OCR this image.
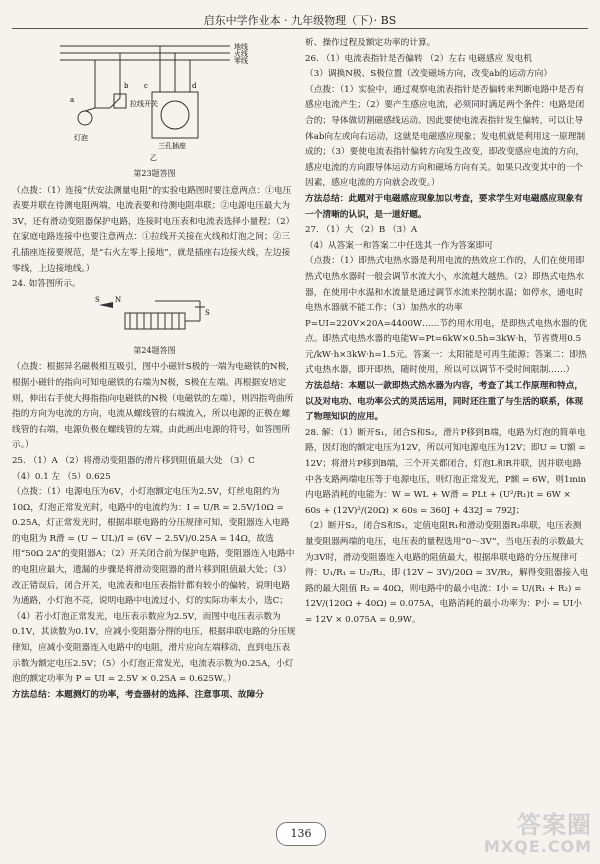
启东中学作业本 · 九年级物理（下）· BS
地线
火线
零线
a
b c	d
灯泡
拉线开关
三孔插座
乙
第23题答图

（点拨：（1）连接“伏安法测量电阻”的实验电路图时要注意两点：①电压表要并联在待测电阻两端，电流表要和待测电阻串联；②电源电压最大为3V，还有滑动变阻器保护电路，连接时电压表和电流表选择小量程；（2）在家庭电路连接中也要注意两点：①拉线开关接在火线和灯泡之间；②三孔插座连接要规范，是“右火左零上接地”，就是插座右边接火线，左边接零线，上边接地线。）

24. 如答图所示。

S N
S
第24题答图

（点拨：根据异名磁极相互吸引，图中小磁针S极的一端为电磁铁的N极，根据小磁针的指向可知电磁铁的右端为N极，S极在左端。再根据安培定则，伸出右手使大拇指指向电磁铁的N极（电磁铁的左端），则四指弯曲所指的方向为电流的方向，电流从螺线管的右端流入，所以电源的正极在螺线管的右端，电源负极在螺线管的左端，由此画出电源的符号，如答图所示。）

25. （1）A （2）将滑动变阻器的滑片移到阻值最大处 （3）C

（4）0.1 左 （5）0.625

（点拨：（1）电源电压为6V，小灯泡额定电压为2.5V，灯丝电阻约为10Ω，灯泡正常发光时，电路中的电流约为：I = U/R = 2.5V/10Ω = 0.25A，灯正常发光时，根据串联电路的分压规律可知，变阻器连入电路的电阻为 R滑 = (U − UL)/I = (6V − 2.5V)/0.25A = 14Ω，故选用“50Ω 2A”的变阻器A；（2）开关闭合前为保护电路，变阻器连入电路中的电阻应最大，遗漏的步骤是将滑动变阻器的滑片移到阻值最大处；（3）改正错误后，闭合开关，电流表和电压表指针都有较小的偏转，说明电路为通路，小灯泡不亮，说明电路中电流过小，灯的实际功率太小，选C；（4）若小灯泡正常发光，电压表示数应为2.5V，而图中电压表示数为0.1V，其读数为0.1V，应减小变阻器分得的电压，根据串联电路的分压规律知，应减小变阻器连入电路中的电阻，滑片应向左端移动，直到电压表示数为额定电压2.5V；（5）小灯泡正常发光，电流表示数为0.25A，小灯泡的额定功率为 P = UI = 2.5V × 0.25A = 0.625W。）

方法总结：本题测灯的功率，考查器材的选择、注意事项、故障分

析、操作过程及额定功率的计算。

26. （1）电流表指针是否偏转 （2）左右 电磁感应 发电机

（3）调换N极、S极位置（改变磁场方向，改变ab的运动方向）

（点拨：（1）实验中，通过观察电流表指针是否偏转来判断电路中是否有感应电流产生；（2）要产生感应电流，必须同时满足两个条件：电路是闭合的；导体做切割磁感线运动。因此要使电流表指针发生偏转，可以让导体ab向左或向右运动，这就是电磁感应现象；发电机就是利用这一原理制成的；（3）要使电流表指针偏转方向发生改变，即改变感应电流的方向，感应电流的方向跟导体运动方向和磁场方向有关。如果只改变其中的一个因素，感应电流的方向就会改变。）

方法总结：此题对于电磁感应现象加以考查，要求学生对电磁感应现象有一个清晰的认识，是一道好题。

27. （1）大 （2）B （3）A

（4）从答案一和答案二中任选其一作为答案即可

（点拨：（1）即热式电热水器是利用电流的热效应工作的，人们在使用即热式电热水器时一般会调节水流大小，水流越大越热。（2）即热式电热水器，在使用中水温和水流量是通过调节水流来控制水温；如停水，通电时电热水器就不能工作；（3）加热水的功率P=UI=220V×20A=4400W……节约用水用电，是即热式电热水器的优点。即热式电热水器的电能W=Pt=6kW×0.5h=3kW·h，节省费用0.5元/kW·h×3kW·h=1.5元。答案一：太阳能是可再生能源；答案二：即热式电热水器，即开即热，随时使用，所以可以调节不受时间限制……）

方法总结：本题以一款即热式热水器为内容，考查了其工作原理和特点，以及对电功、电功率公式的灵活运用，同时还注重了与生活的联系，体现了物理知识的应用。

28. 解：（1）断开S₁，闭合S和S₂，滑片P移到B端，电路为灯泡的简单电路，因灯泡的额定电压为12V，所以可知电源电压为12V；即U = U额 = 12V；将滑片P移到B端，三个开关都闭合，灯泡L和R并联，因并联电路中各支路两端电压等于电源电压，则灯泡正常发光，P额 = 6W，则1min内电路消耗的电能为：W = WL + W滑 = PLt + (U²/R₁)t = 6W × 60s + (12V)²/(20Ω) × 60s = 360J + 432J = 792J；

（2）断开S₂，闭合S和S₁，定值电阻R₁和滑动变阻器R₂串联，电压表测量变阻器两端的电压，电压表的量程选用“0～3V”，当电压表的示数最大为3V时，滑动变阻器连入电路的阻值最大，根据串联电路的分压规律可得：U₁/R₁ = U₂/R₂，即 (12V − 3V)/20Ω = 3V/R₂，解得变阻器接入电路的最大阻值 R₂ = 40Ω，则电路中的最小电流：I小 = U/(R₁ + R₂) = 12V/(120Ω + 40Ω) = 0.075A，电路消耗的最小功率为：P小 = UI小 = 12V × 0.075A = 0.9W。

136	答案圈
MXQE.COM
